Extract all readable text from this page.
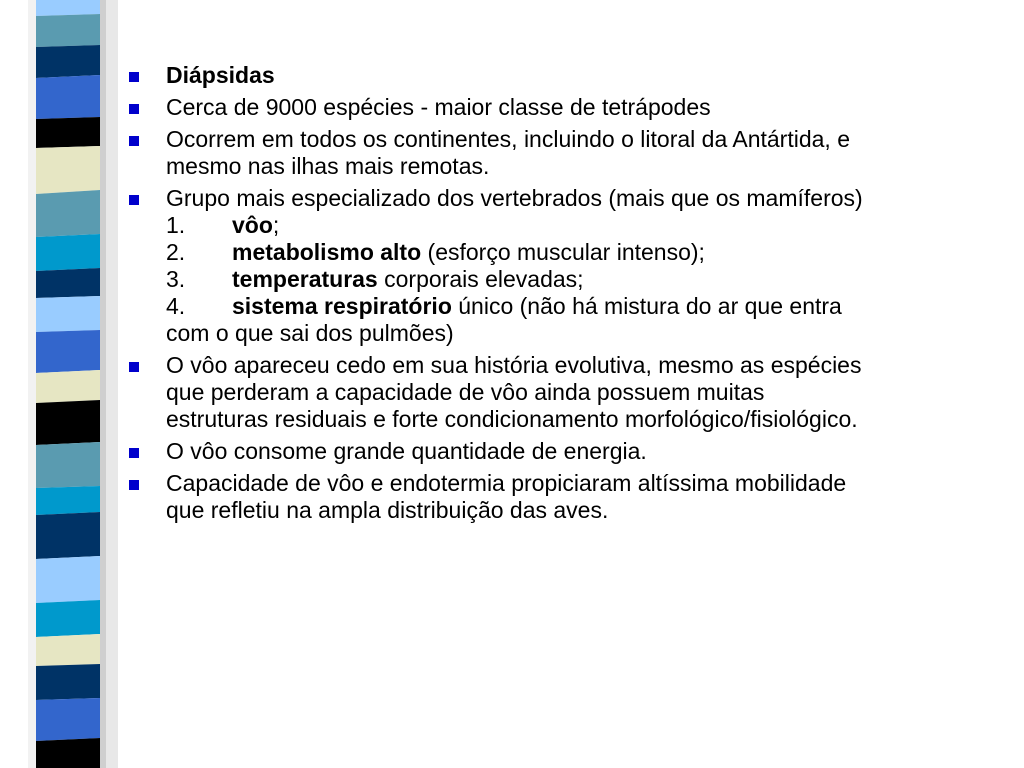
Diápsidas
Cerca de 9000 espécies - maior classe de tetrápodes
Ocorrem em todos os continentes, incluindo o litoral da Antártida, e mesmo nas ilhas mais remotas.
Grupo mais especializado dos vertebrados (mais que os mamíferos)
1. vôo;
2. metabolismo alto (esforço muscular intenso);
3. temperaturas corporais elevadas;
4. sistema respiratório único (não há mistura do ar que entra com o que sai dos pulmões)
O vôo apareceu cedo em sua história evolutiva, mesmo as espécies que perderam a capacidade de vôo ainda possuem muitas estruturas residuais e forte condicionamento morfológico/fisiológico.
O vôo consome grande quantidade de energia.
Capacidade de vôo e endotermia propiciaram altíssima mobilidade que refletiu na ampla distribuição das aves.
